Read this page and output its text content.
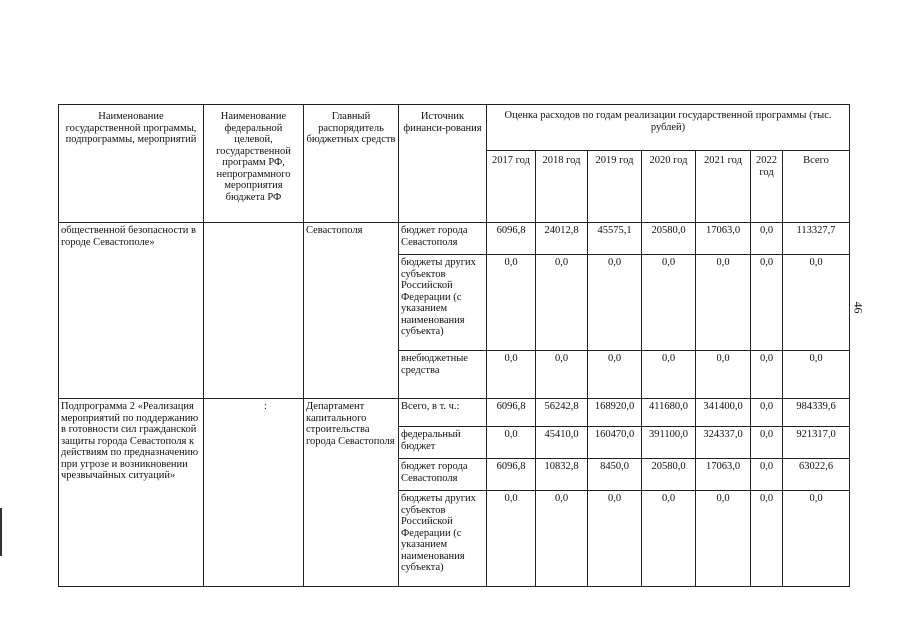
Наименование государственной программы, подпрограммы, мероприятий	Наименование федеральной целевой, государственной программ РФ, непрограммного мероприятия бюджета РФ	Главный распорядитель бюджетных средств	Источник финанси-рования	Оценка расходов по годам реализации государственной программы (тыс. рублей)						
				2017 год	2018 год	2019 год	2020 год	2021 год	2022 год	Всего
общественной безопасности в городе Севастополе»		Севастополя	бюджет города Севастополя	6096,8	24012,8	45575,1	20580,0	17063,0	0,0	113327,7
			бюджеты других субъектов Российской Федерации (с указанием наименования субъекта)	0,0	0,0	0,0	0,0	0,0	0,0	0,0
			внебюджетные средства	0,0	0,0	0,0	0,0	0,0	0,0	0,0
Подпрограмма 2 «Реализация мероприятий по поддержанию в готовности сил гражданской защиты города Севастополя к действиям по предназначению при угрозе и возникновении чрезвычайных ситуаций»	:	Департамент капитального строительства города Севастополя	Всего, в т. ч.:	6096,8	56242,8	168920,0	411680,0	341400,0	0,0	984339,6
			федеральный бюджет	0,0	45410,0	160470,0	391100,0	324337,0	0,0	921317,0
			бюджет города Севастополя	6096,8	10832,8	8450,0	20580,0	17063,0	0,0	63022,6
			бюджеты других субъектов Российской Федерации (с указанием наименования субъекта)	0,0	0,0	0,0	0,0	0,0	0,0	0,0
46
